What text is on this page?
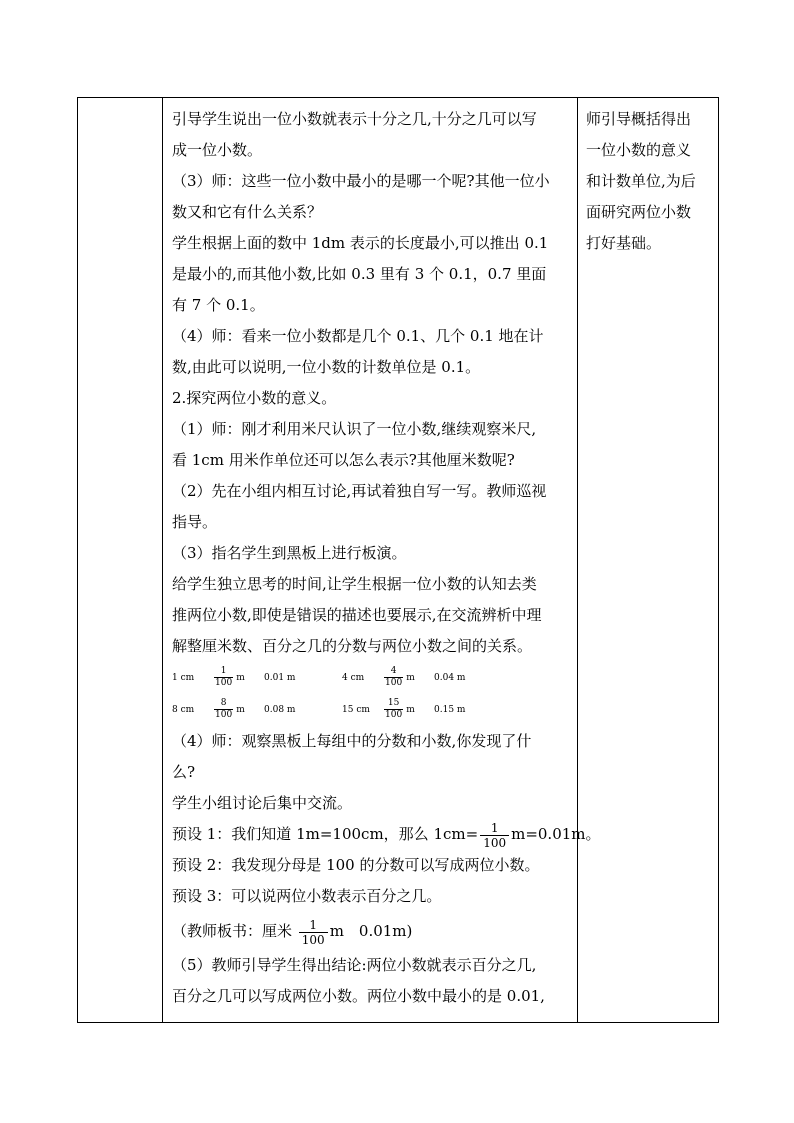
引导学生说出一位小数就表示十分之几,十分之几可以写
成一位小数。
（3）师：这些一位小数中最小的是哪一个呢?其他一位小
数又和它有什么关系？
学生根据上面的数中 1dm 表示的长度最小,可以推出 0.1
是最小的,而其他小数,比如 0.3 里有 3 个 0.1，0.7 里面
有 7 个 0.1。
（4）师：看来一位小数都是几个 0.1、几个 0.1 地在计
数,由此可以说明,一位小数的计数单位是 0.1。
2.探究两位小数的意义。
（1）师：刚才利用米尺认识了一位小数,继续观察米尺,
看 1cm 用米作单位还可以怎么表示?其他厘米数呢?
（2）先在小组内相互讨论,再试着独自写一写。教师巡视
指导。
（3）指名学生到黑板上进行板演。
给学生独立思考的时间,让学生根据一位小数的认知去类
推两位小数,即使是错误的描述也要展示,在交流辨析中理
解整厘米数、百分之几的分数与两位小数之间的关系。
1 cm $\frac{1}{100}$ m 0.01 m	4 cm $\frac{4}{100}$ m 0.04 m
8 cm $\frac{8}{100}$ m 0.08 m	15 cm $\frac{15}{100}$ m 0.15 m
（4）师：观察黑板上每组中的分数和小数,你发现了什
么?
学生小组讨论后集中交流。
预设 1：我们知道 1m=100cm，那么 $1cm= \frac{1}{100} m=0.01m$。
预设 2：我发现分母是 100 的分数可以写成两位小数。
预设 3：可以说两位小数表示百分之几。
（教师板书：厘米 $\frac{1}{100}$ m　0.01m)
（5）教师引导学生得出结论:两位小数就表示百分之几,
百分之几可以写成两位小数。两位小数中最小的是 0.01,

师引导概括得出
一位小数的意义
和计数单位,为后
面研究两位小数
打好基础。
